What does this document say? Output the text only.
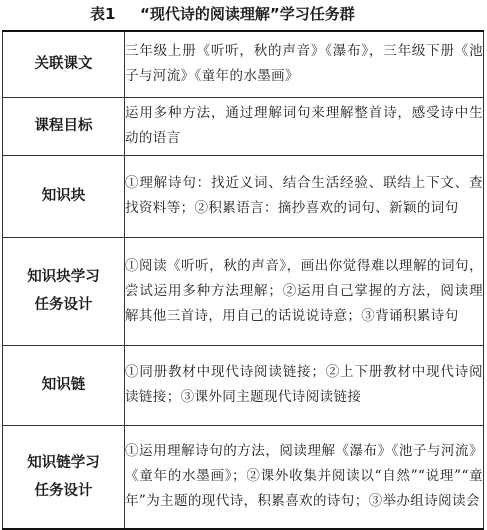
表1 “现代诗的阅读理解”学习任务群
关联课文	三年级上册《听听，秋的声音》《瀑布》，三年级下册《池子与河流》《童年的水墨画》

课程目标	运用多种方法，通过理解词句来理解整首诗，感受诗中生动的语言

知识块	①理解诗句：找近义词、结合生活经验、联结上下文、查找资料等；②积累语言：摘抄喜欢的词句、新颖的词句

知识块学习
任务设计	①阅读《听听，秋的声音》，画出你觉得难以理解的词句，尝试运用多种方法理解；②运用自己掌握的方法，阅读理解其他三首诗，用自己的话说说诗意；③背诵积累诗句

知识链	①同册教材中现代诗阅读链接；②上下册教材中现代诗阅读链接；③课外同主题现代诗阅读链接

知识链学习
任务设计	①运用理解诗句的方法，阅读理解《瀑布》《池子与河流》《童年的水墨画》；②课外收集并阅读以“自然”“说理”“童年”为主题的现代诗，积累喜欢的诗句；③举办组诗阅读会
